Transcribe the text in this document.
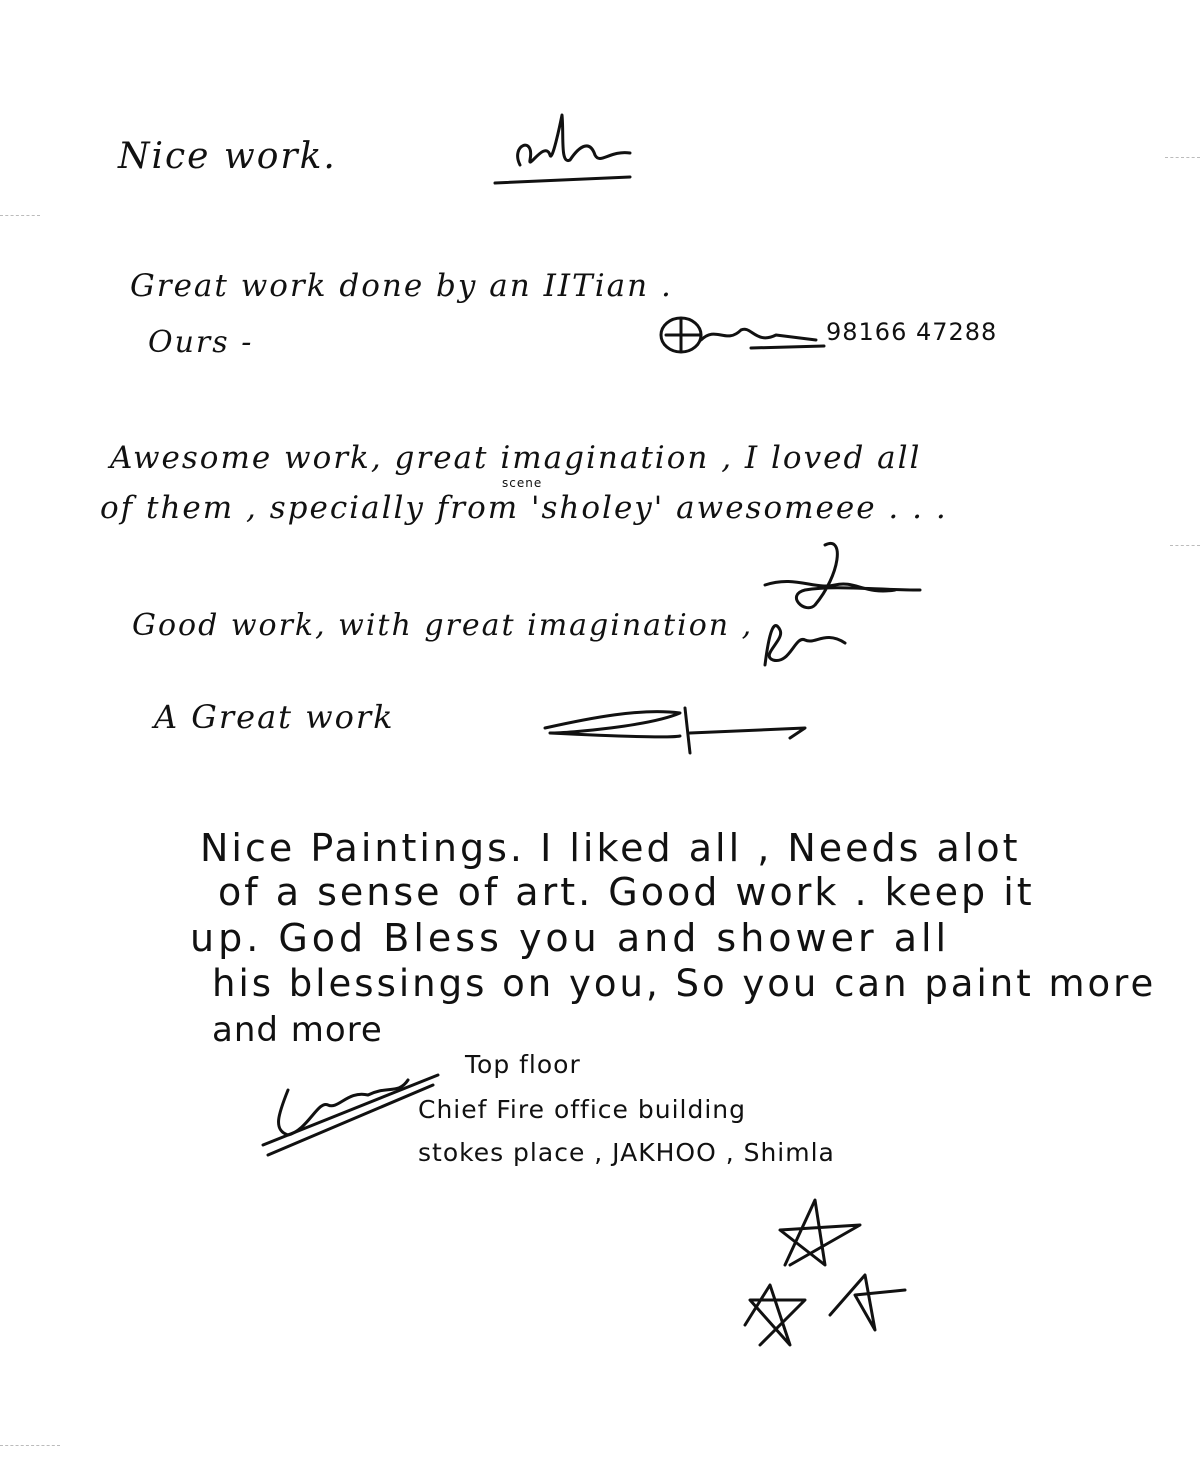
Nice work.
Great work done by an IITian .
Ours -	98166 47288
Awesome work, great imagination , I loved all
scene
of them , specially from 'sholey' awesomeee . . .
Good work, with great imagination ,
A Great work
Nice Paintings. I liked all , Needs alot
of a sense of art. Good work . keep it
up. God Bless you and shower all
his blessings on you, So you can paint more
and more
Top floor
Chief Fire office building
stokes place , JAKHOO , Shimla
